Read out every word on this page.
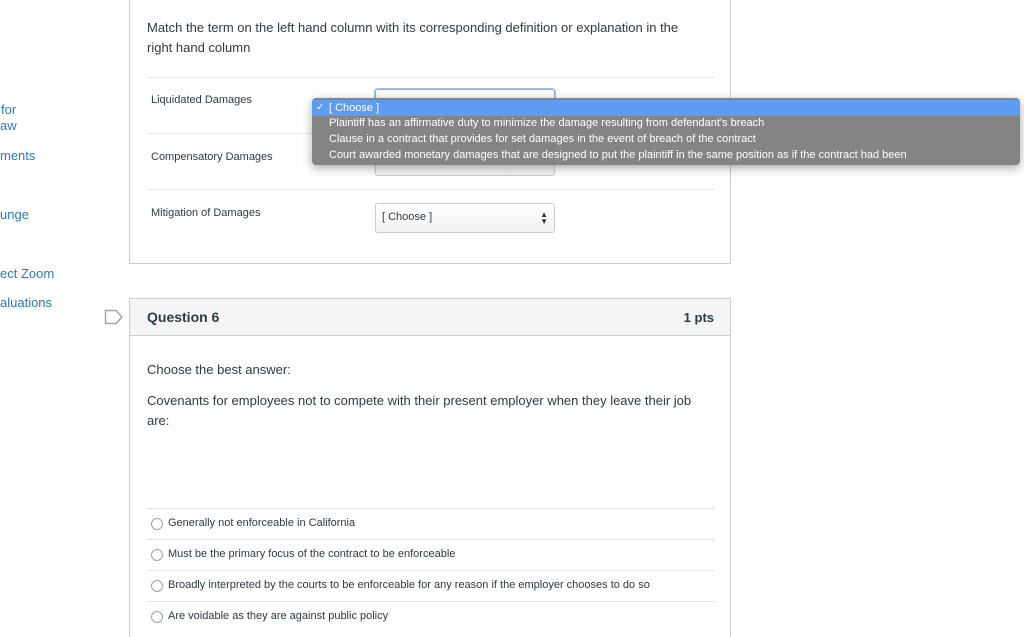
for
aw
ments
unge
ect Zoom
aluations
Match the term on the left hand column with its corresponding definition or explanation in the right hand column
Liquidated Damages
Compensatory Damages
Mitigation of Damages	[ Choose ]	▲
▼
Question 6	1 pts
Choose the best answer:
Covenants for employees not to compete with their present employer when they leave their job are:
Generally not enforceable in California
Must be the primary focus of the contract to be enforceable
Broadly interpreted by the courts to be enforceable for any reason if the employer chooses to do so
Are voidable as they are against public policy
✓ [ Choose ]
Plaintiff has an affirmative duty to minimize the damage resulting from defendant's breach
Clause in a contract that provides for set damages in the event of breach of the contract
Court awarded monetary damages that are designed to put the plaintiff in the same position as if the contract had been
